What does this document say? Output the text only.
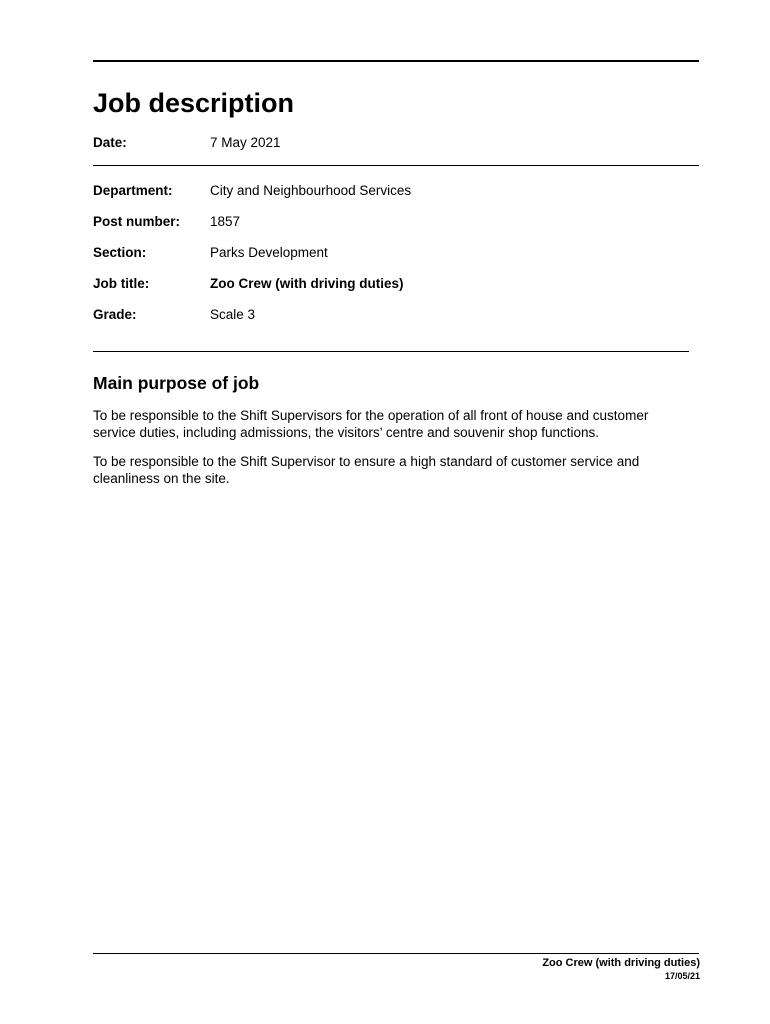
Job description
Date:	7 May 2021
Department:	City and Neighbourhood Services
Post number: 1857
Section:	Parks Development
Job title:	Zoo Crew (with driving duties)
Grade:	Scale 3
Main purpose of job

To be responsible to the Shift Supervisors for the operation of all front of house and customer service duties, including admissions, the visitors’ centre and souvenir shop functions.

To be responsible to the Shift Supervisor to ensure a high standard of customer service and cleanliness on the site.

Zoo Crew (with driving duties)
17/05/21
